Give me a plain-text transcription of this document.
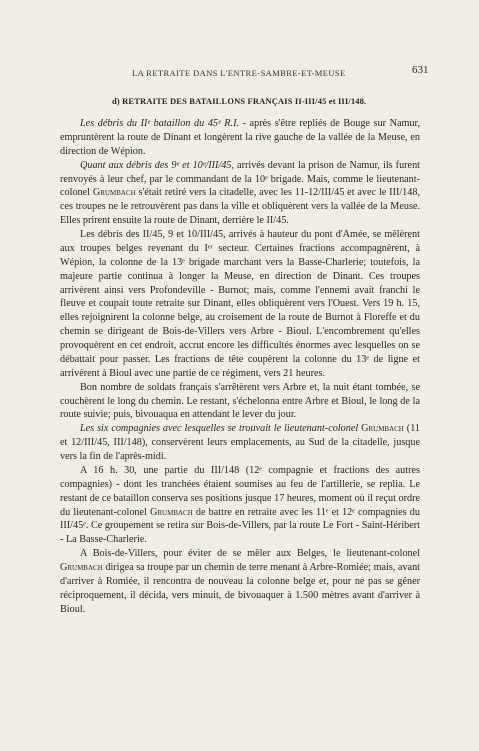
LA RETRAITE DANS L'ENTRE-SAMBRE-ET-MEUSE	631
d) RETRAITE DES BATAILLONS FRANÇAIS II-III/45 et III/148.

Les débris du IIᵉ bataillon du 45ᵉ R.I. - après s'être repliés de Bouge sur Namur, empruntèrent la route de Dinant et longèrent la rive gauche de la vallée de la Meuse, en direction de Wépion.

Quant aux débris des 9ᵉ et 10ᵉ/III/45, arrivés devant la prison de Namur, ils furent renvoyés à leur chef, par le commandant de la 10ᵉ brigade. Mais, comme le lieutenant-colonel Grumbach s'était retiré vers la citadelle, avec les 11-12/III/45 et avec le III/148, ces troupes ne le retrouvèrent pas dans la ville et obliquèrent vers la vallée de la Meuse. Elles prirent ensuite la route de Dinant, derrière le II/45.

Les débris des II/45, 9 et 10/III/45, arrivés à hauteur du pont d'Amée, se mêlèrent aux troupes belges revenant du Iᵉʳ secteur. Certaines fractions accompagnèrent, à Wépion, la colonne de la 13ᵉ brigade marchant vers la Basse-Charlerie; toutefois, la majeure partie continua à longer la Meuse, en direction de Dinant. Ces troupes arrivèrent ainsi vers Profondeville - Burnot; mais, comme l'ennemi avait franchi le fleuve et coupait toute retraite sur Dinant, elles obliquèrent vers l'Ouest. Vers 19 h. 15, elles rejoignirent la colonne belge, au croisement de la route de Burnot à Floreffe et du chemin se dirigeant de Bois-de-Villers vers Arbre - Bioul. L'encombrement qu'elles provoquèrent en cet endroit, accrut encore les difficultés énormes avec lesquelles on se débattait pour passer. Les fractions de tête coupèrent la colonne du 13ᵉ de ligne et arrivèrent à Bioul avec une partie de ce régiment, vers 21 heures.

Bon nombre de soldats français s'arrêtèrent vers Arbre et, la nuit étant tombée, se couchèrent le long du chemin. Le restant, s'échelonna entre Arbre et Bioul, le long de la route suivie; puis, bivouaqua en attendant le lever du jour.

Les six compagnies avec lesquelles se trouvait le lieutenant-colonel Grumbach (11 et 12/III/45, III/148), conservèrent leurs emplacements, au Sud de la citadelle, jusque vers la fin de l'après-midi.

A 16 h. 30, une partie du III/148 (12ᵉ compagnie et fractions des autres compagnies) - dont les tranchées étaient soumises au feu de l'artillerie, se replia. Le restant de ce bataillon conserva ses positions jusque 17 heures, moment où il reçut ordre du lieutenant-colonel Grumbach de battre en retraite avec les 11ᵉ et 12ᵉ compagnies du III/45ᵉ. Ce groupement se retira sur Bois-de-Villers, par la route Le Fort - Saint-Héribert - La Basse-Charlerie.

A Bois-de-Villers, pour éviter de se mêler aux Belges, le lieutenant-colonel Grumbach dirigea sa troupe par un chemin de terre menant à Arbre-Romiée; mais, avant d'arriver à Romiée, il rencontra de nouveau la colonne belge et, pour ne pas se gêner réciproquement, il décida, vers minuit, de bivouaquer à 1.500 mètres avant d'arriver à Bioul.
